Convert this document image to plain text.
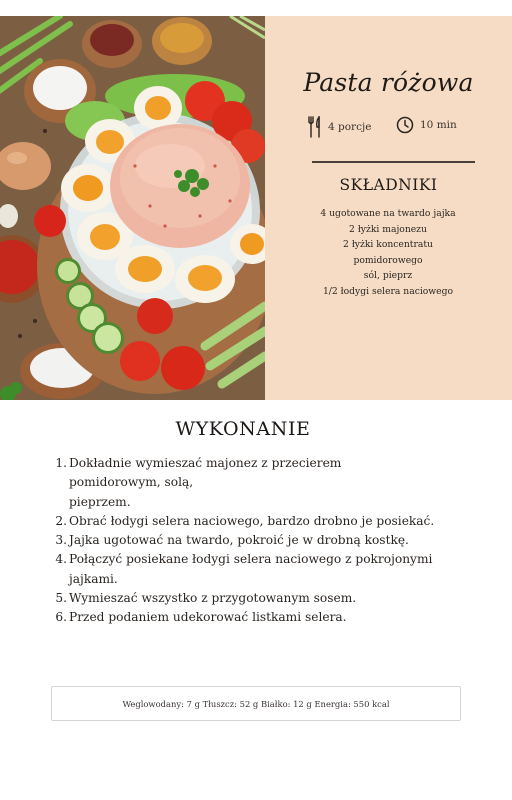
Pasta różowa
4 porcje	10 min
SKŁADNIKI
4 ugotowane na twardo jajka
2 łyżki majonezu
2 łyżki koncentratu
pomidorowego
sól, pieprz
1/2 łodygi selera naciowego
WYKONANIE
1. Dokładnie wymieszać majonez z przecierem pomidorowym, solą,
pieprzem.
2. Obrać łodygi selera naciowego, bardzo drobno je posiekać.
3. Jajka ugotować na twardo, pokroić je w drobną kostkę.
4. Połączyć posiekane łodygi selera naciowego z pokrojonymi jajkami.
5. Wymieszać wszystko z przygotowanym sosem.
6. Przed podaniem udekorować listkami selera.
Weglowodany: 7 g Tłuszcz: 52 g Białko: 12 g Energia: 550 kcal
